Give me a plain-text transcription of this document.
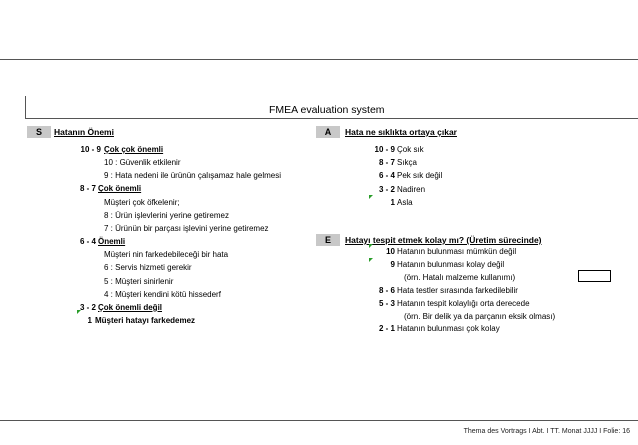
FMEA evaluation system
S	Hatanın Önemi	A	Hata ne sıklıkta ortaya çıkar
E	Hatayı tespit etmek kolay mı? (Üretim sürecinde)
10 - 9 Çok çok önemli
10 : Güvenlik etkilenir
9 : Hata nedeni ile ürünün çalışamaz hale gelmesi
8 - 7 Çok önemli
Müşteri çok öfkelenir;
8 : Ürün işlevlerini yerine getiremez
7 : Ürünün bir parçası işlevini yerine getiremez
6 - 4 Önemli
Müşteri nin farkedebileceği bir hata
6 : Servis hizmeti gerekir
5 : Müşteri sinirlenir
4 : Müşteri kendini kötü hissederf
3 - 2 Çok önemli değil
1 Müşteri hatayı farkedemez
10 - 9 Çok sık
8 - 7 Sıkça
6 - 4 Pek sık değil
3 - 2 Nadiren
1 Asla
10 Hatanın bulunması mümkün değil
9 Hatanın bulunması kolay değil
(örn. Hatalı malzeme kullanımı)
8 - 6 Hata testler sırasında farkedilebilir
5 - 3 Hatanın tespit kolaylığı orta derecede
(örn. Bir delik ya da parçanın eksik olması)
2 - 1 Hatanın bulunması çok kolay
Thema des Vortrags I Abt. I TT. Monat JJJJ I Folie: 16
